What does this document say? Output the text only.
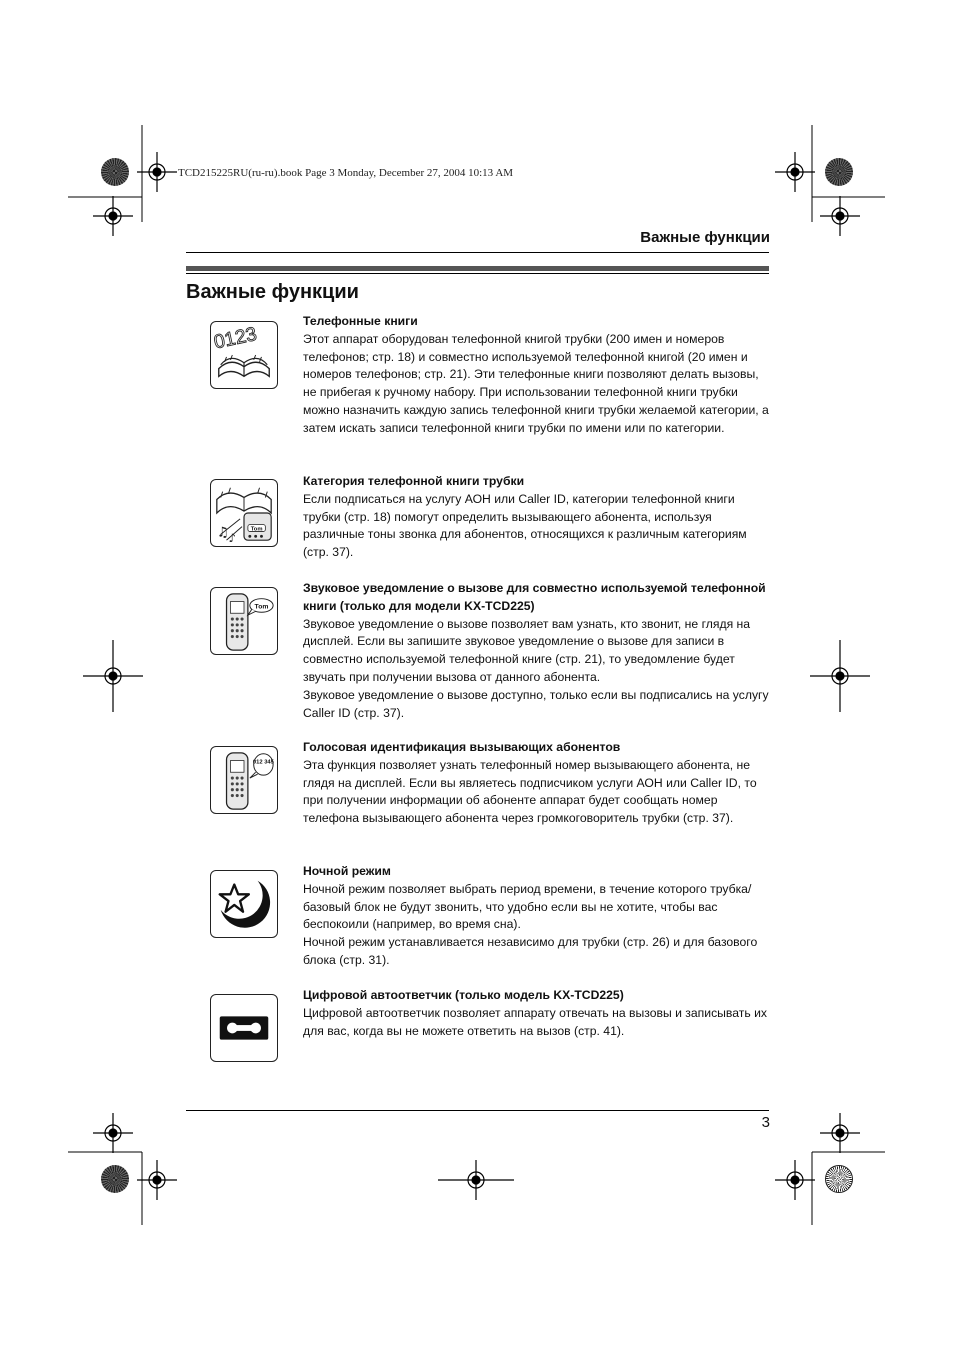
TCD215225RU(ru-ru).book Page 3 Monday, December 27, 2004 10:13 AM
Важные функции
Важные функции
0123
Телефонные книги

Этот аппарат оборудован телефонной книгой трубки (200 имен и номеров телефонов; стр. 18) и совместно используемой телефонной книгой (20 имен и номеров телефонов; стр. 21). Эти телефонные книги позволяют делать вызовы, не прибегая к ручному набору. При использовании телефонной книги трубки можно назначить каждую запись телефонной книги трубки желаемой категории, а затем искать записи телефонной книги трубки по имени или по категории.

Tom
♫ ♪
Категория телефонной книги трубки

Если подписаться на услугу АОН или Caller ID, категории телефонной книги трубки (стр. 18) помогут определить вызывающего абонента, используя различные тоны звонка для абонентов, относящихся к различным категориям (стр. 37).

Tom
Звуковое уведомление о вызове для совместно используемой телефонной книги (только для модели KX-TCD225)

Звуковое уведомление о вызове позволяет вам узнать, кто звонит, не глядя на дисплей. Если вы запишите звуковое уведомление о вызове для записи в совместно используемой телефонной книге (стр. 21), то уведомление будет звучать при получении вызова от данного абонента.

Звуковое уведомление о вызове доступно, только если вы подписались на услугу Caller ID (стр. 37).

012 345
Голосовая идентификация вызывающих абонентов

Эта функция позволяет узнать телефонный номер вызывающего абонента, не глядя на дисплей. Если вы являетесь подписчиком услуги АОН или Caller ID, то при получении информации об абоненте аппарат будет сообщать номер телефона вызывающего абонента через громкоговоритель трубки (стр. 37).

Ночной режим

Ночной режим позволяет выбрать период времени, в течение которого трубка/базовый блок не будут звонить, что удобно если вы не хотите, чтобы вас беспокоили (например, во время сна).

Ночной режим устанавливается независимо для трубки (стр. 26) и для базового блока (стр. 31).

Цифровой автоответчик (только модель KX-TCD225)

Цифровой автоответчик позволяет аппарату отвечать на вызовы и записывать их для вас, когда вы не можете ответить на вызов (стр. 41).

3
